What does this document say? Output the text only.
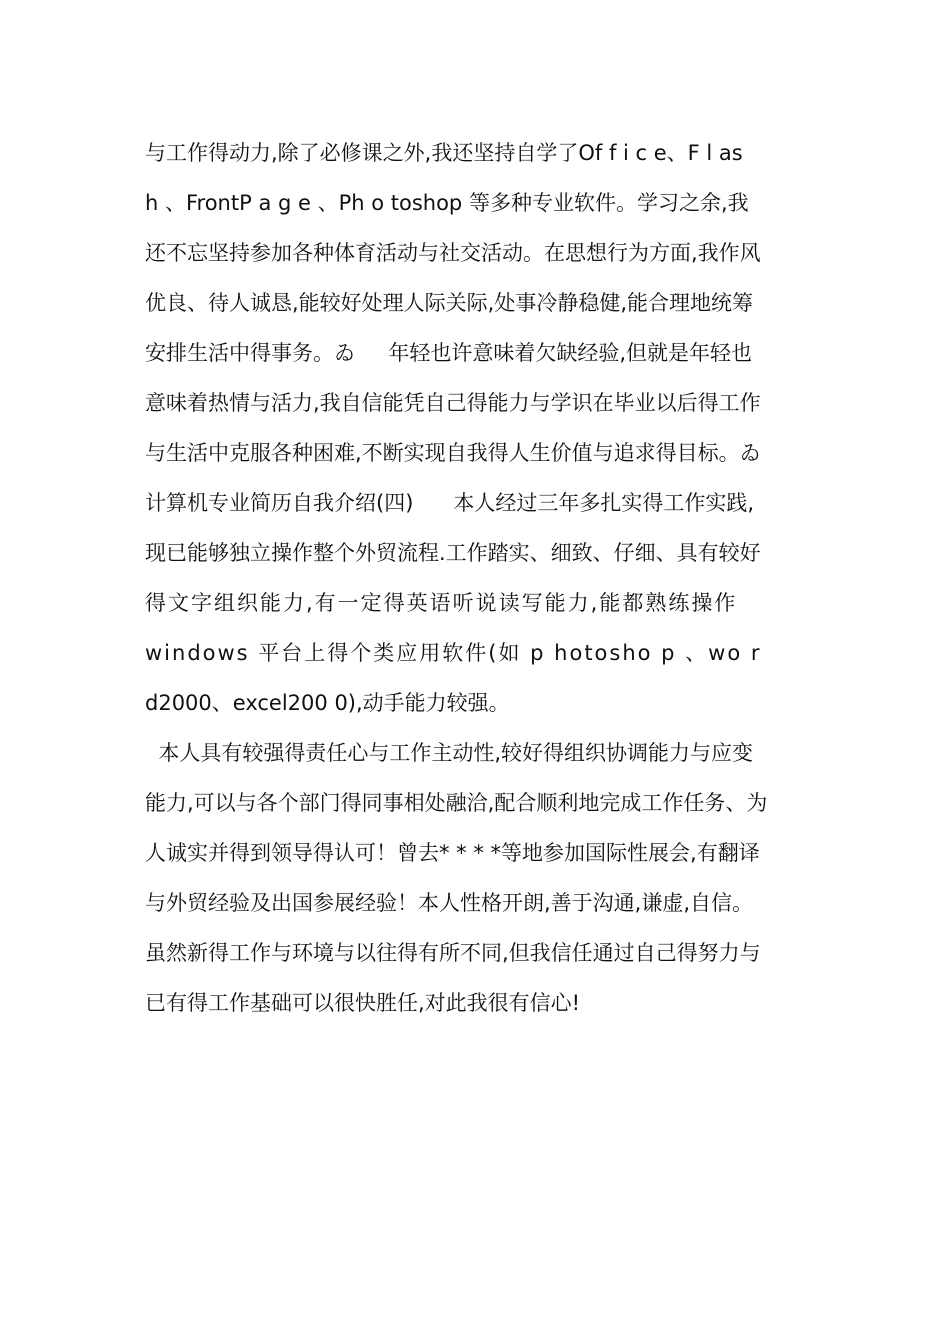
与工作得动力,除了必修课之外,我还坚持自学了Of f i c e、F l as
h 、FrontP a g e 、Ph o toshop 等多种专业软件。学习之余,我
还不忘坚持参加各种体育活动与社交活动。在思想行为方面,我作风
优良、待人诚恳,能较好处理人际关际,处事冷静稳健,能合理地统筹
安排生活中得事务。ゐ     年轻也许意味着欠缺经验,但就是年轻也
意味着热情与活力,我自信能凭自己得能力与学识在毕业以后得工作
与生活中克服各种困难,不断实现自我得人生价值与追求得目标。ゐ
计算机专业简历自我介绍(四)      本人经过三年多扎实得工作实践,
现已能够独立操作整个外贸流程.工作踏实、细致、仔细、具有较好
得文字组织能力,有一定得英语听说读写能力,能都熟练操作
windows 平台上得个类应用软件(如 p hotosho p 、wo r
d2000、excel200 0),动手能力较强。
本人具有较强得责任心与工作主动性,较好得组织协调能力与应变
能力,可以与各个部门得同事相处融洽,配合顺利地完成工作任务、为
人诚实并得到领导得认可！曾去* * * *等地参加国际性展会,有翻译
与外贸经验及出国参展经验！本人性格开朗,善于沟通,谦虚,自信。
虽然新得工作与环境与以往得有所不同,但我信任通过自己得努力与
已有得工作基础可以很快胜任,对此我很有信心!
